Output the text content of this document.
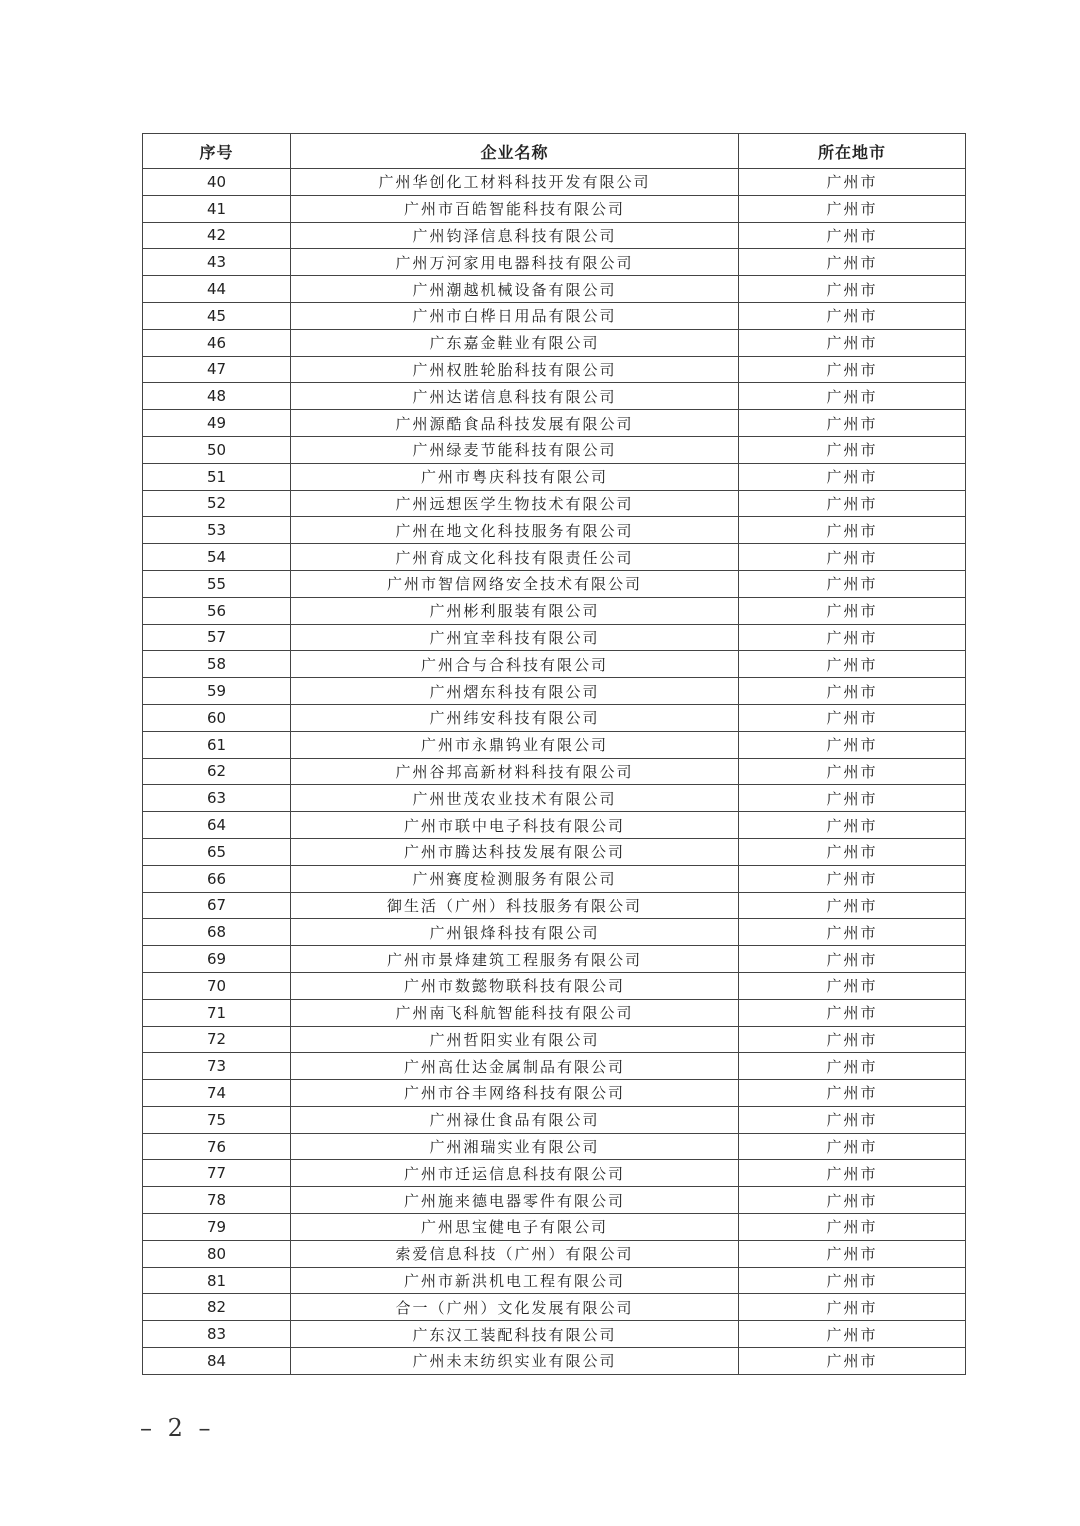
序号	企业名称	所在地市
40	广州华创化工材料科技开发有限公司	广州市
41	广州市百皓智能科技有限公司	广州市
42	广州钧泽信息科技有限公司	广州市
43	广州万河家用电器科技有限公司	广州市
44	广州潮越机械设备有限公司	广州市
45	广州市白桦日用品有限公司	广州市
46	广东嘉金鞋业有限公司	广州市
47	广州权胜轮胎科技有限公司	广州市
48	广州达诺信息科技有限公司	广州市
49	广州源酷食品科技发展有限公司	广州市
50	广州绿麦节能科技有限公司	广州市
51	广州市粤庆科技有限公司	广州市
52	广州远想医学生物技术有限公司	广州市
53	广州在地文化科技服务有限公司	广州市
54	广州育成文化科技有限责任公司	广州市
55	广州市智信网络安全技术有限公司	广州市
56	广州彬利服装有限公司	广州市
57	广州宜幸科技有限公司	广州市
58	广州合与合科技有限公司	广州市
59	广州熠东科技有限公司	广州市
60	广州纬安科技有限公司	广州市
61	广州市永鼎钨业有限公司	广州市
62	广州谷邦高新材料科技有限公司	广州市
63	广州世茂农业技术有限公司	广州市
64	广州市联中电子科技有限公司	广州市
65	广州市腾达科技发展有限公司	广州市
66	广州赛度检测服务有限公司	广州市
67	御生活（广州）科技服务有限公司	广州市
68	广州银烽科技有限公司	广州市
69	广州市景烽建筑工程服务有限公司	广州市
70	广州市数懿物联科技有限公司	广州市
71	广州南飞科航智能科技有限公司	广州市
72	广州哲阳实业有限公司	广州市
73	广州高仕达金属制品有限公司	广州市
74	广州市谷丰网络科技有限公司	广州市
75	广州禄仕食品有限公司	广州市
76	广州湘瑞实业有限公司	广州市
77	广州市迁运信息科技有限公司	广州市
78	广州施来德电器零件有限公司	广州市
79	广州思宝健电子有限公司	广州市
80	索爱信息科技（广州）有限公司	广州市
81	广州市新洪机电工程有限公司	广州市
82	合一（广州）文化发展有限公司	广州市
83	广东汉工装配科技有限公司	广州市
84	广州未末纺织实业有限公司	广州市
– 2 –
